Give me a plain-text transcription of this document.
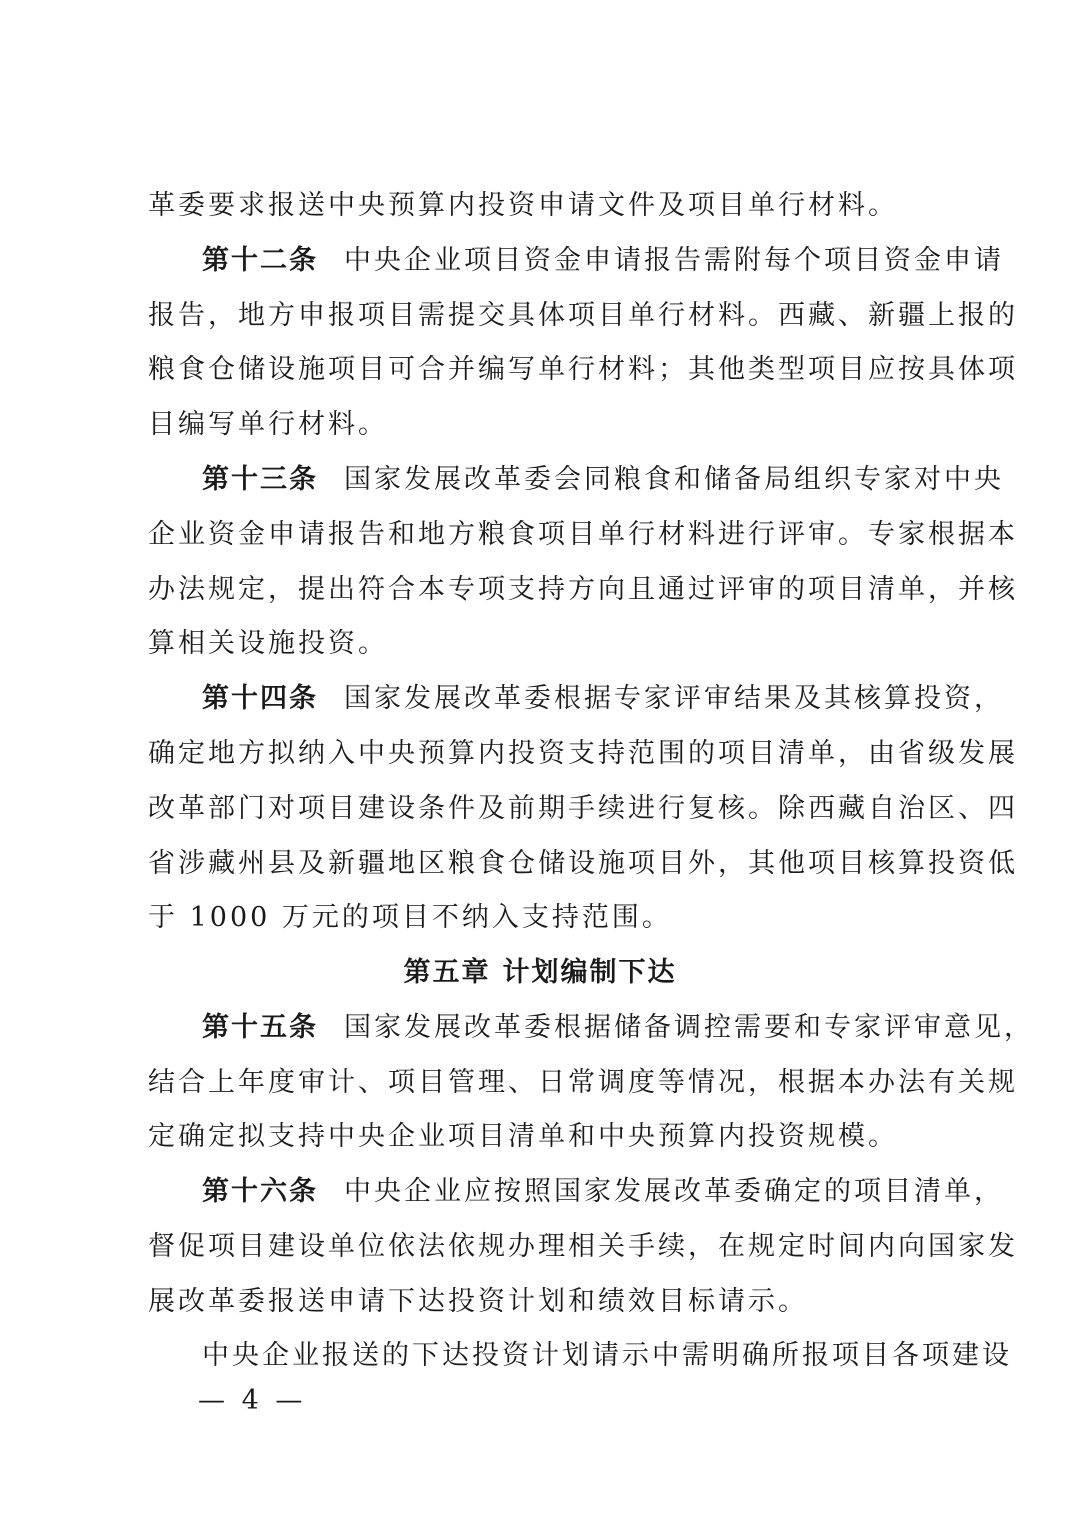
革委要求报送中央预算内投资申请文件及项目单行材料。
第十二条 中央企业项目资金申请报告需附每个项目资金申请
报告，地方申报项目需提交具体项目单行材料。西藏、新疆上报的
粮食仓储设施项目可合并编写单行材料；其他类型项目应按具体项
目编写单行材料。
第十三条 国家发展改革委会同粮食和储备局组织专家对中央
企业资金申请报告和地方粮食项目单行材料进行评审。专家根据本
办法规定，提出符合本专项支持方向且通过评审的项目清单，并核
算相关设施投资。
第十四条 国家发展改革委根据专家评审结果及其核算投资，
确定地方拟纳入中央预算内投资支持范围的项目清单，由省级发展
改革部门对项目建设条件及前期手续进行复核。除西藏自治区、四
省涉藏州县及新疆地区粮食仓储设施项目外，其他项目核算投资低
于 1000 万元的项目不纳入支持范围。
第五章 计划编制下达
第十五条 国家发展改革委根据储备调控需要和专家评审意见，
结合上年度审计、项目管理、日常调度等情况，根据本办法有关规
定确定拟支持中央企业项目清单和中央预算内投资规模。
第十六条 中央企业应按照国家发展改革委确定的项目清单，
督促项目建设单位依法依规办理相关手续，在规定时间内向国家发
展改革委报送申请下达投资计划和绩效目标请示。
中央企业报送的下达投资计划请示中需明确所报项目各项建设
— 4 —
